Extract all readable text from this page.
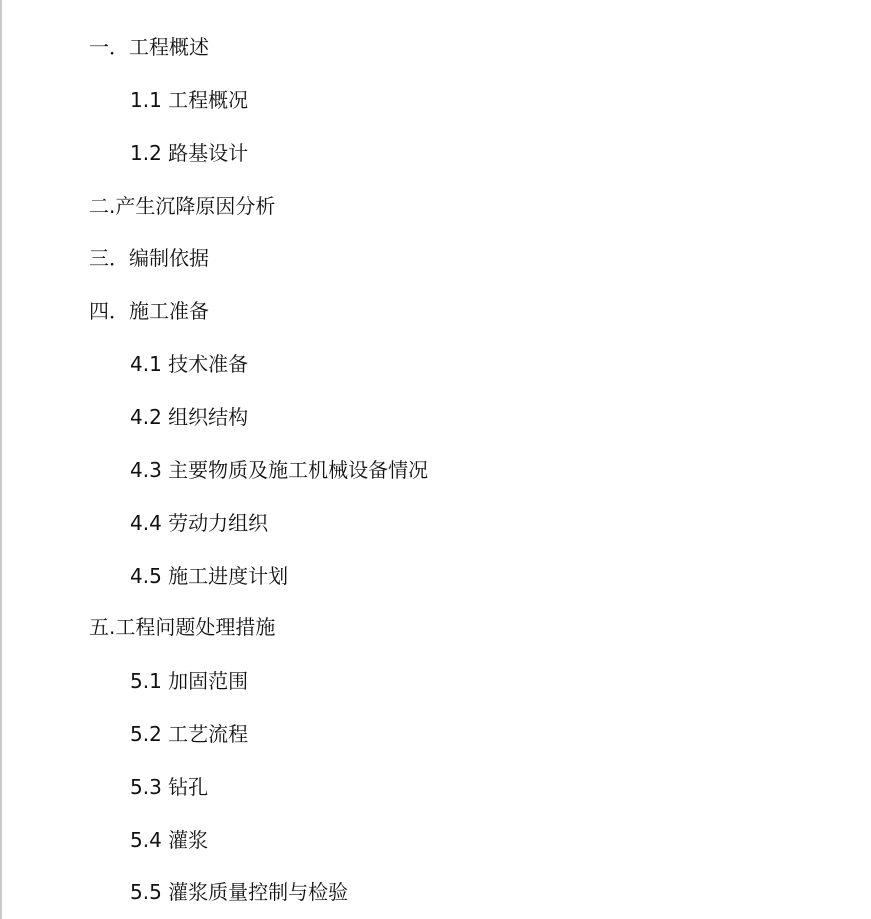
一．工程概述
1.1 工程概况
1.2 路基设计
二.产生沉降原因分析
三．编制依据
四．施工准备
4.1 技术准备
4.2 组织结构
4.3 主要物质及施工机械设备情况
4.4 劳动力组织
4.5 施工进度计划
五.工程问题处理措施
5.1 加固范围
5.2 工艺流程
5.3 钻孔
5.4 灌浆
5.5 灌浆质量控制与检验
